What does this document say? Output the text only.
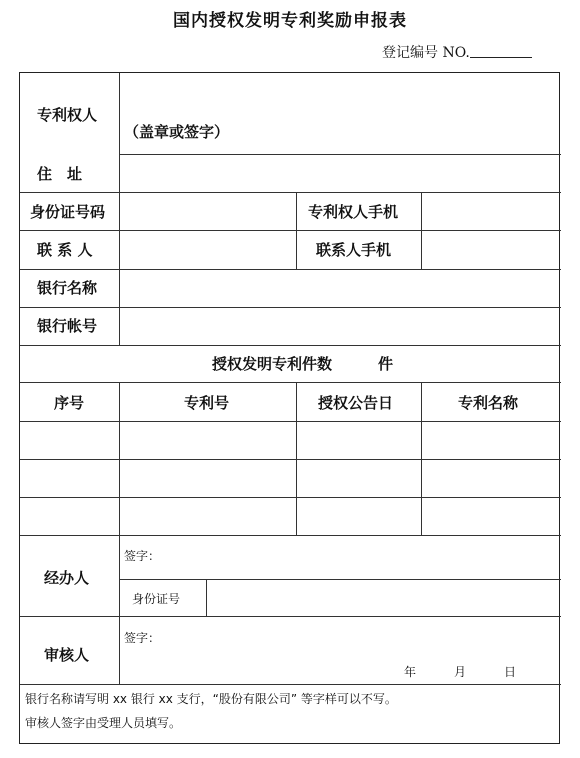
国内授权发明专利奖励申报表
登记编号 NO.
专利权人
（盖章或签字）
住　址
身份证号码	专利权人手机
联 系 人	联系人手机
银行名称
银行帐号
授权发明专利件数	件
序号	专利号	授权公告日	专利名称
经办人
签字：
身份证号
审核人
签字：
年	月	日
银行名称请写明 xx 银行 xx 支行，“股份有限公司” 等字样可以不写。
审核人签字由受理人员填写。
